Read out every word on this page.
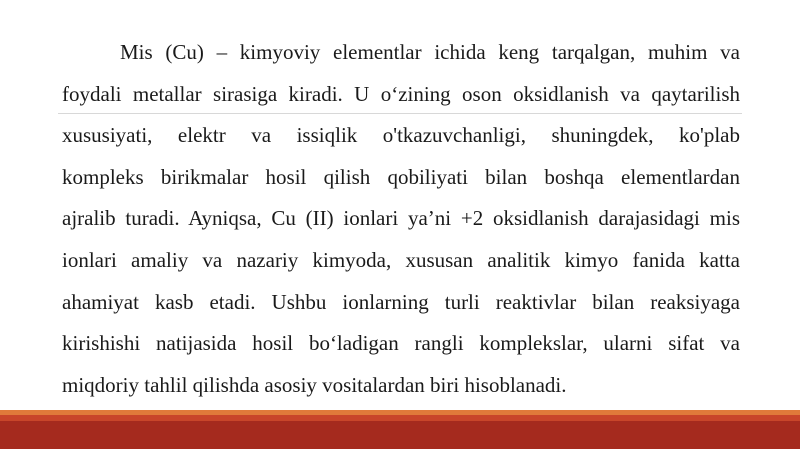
Mis (Cu) – kimyoviy elementlar ichida keng tarqalgan, muhim va
foydali metallar sirasiga kiradi. U o‘zining oson oksidlanish va qaytarilish
xususiyati, elektr va issiqlik o'tkazuvchanligi, shuningdek, ko'plab
kompleks birikmalar hosil qilish qobiliyati bilan boshqa elementlardan
ajralib turadi. Ayniqsa, Cu (II) ionlari ya’ni +2 oksidlanish darajasidagi mis
ionlari amaliy va nazariy kimyoda, xususan analitik kimyo fanida katta
ahamiyat kasb etadi. Ushbu ionlarning turli reaktivlar bilan reaksiyaga
kirishishi natijasida hosil bo‘ladigan rangli komplekslar, ularni sifat va
miqdoriy tahlil qilishda asosiy vositalardan biri hisoblanadi.
